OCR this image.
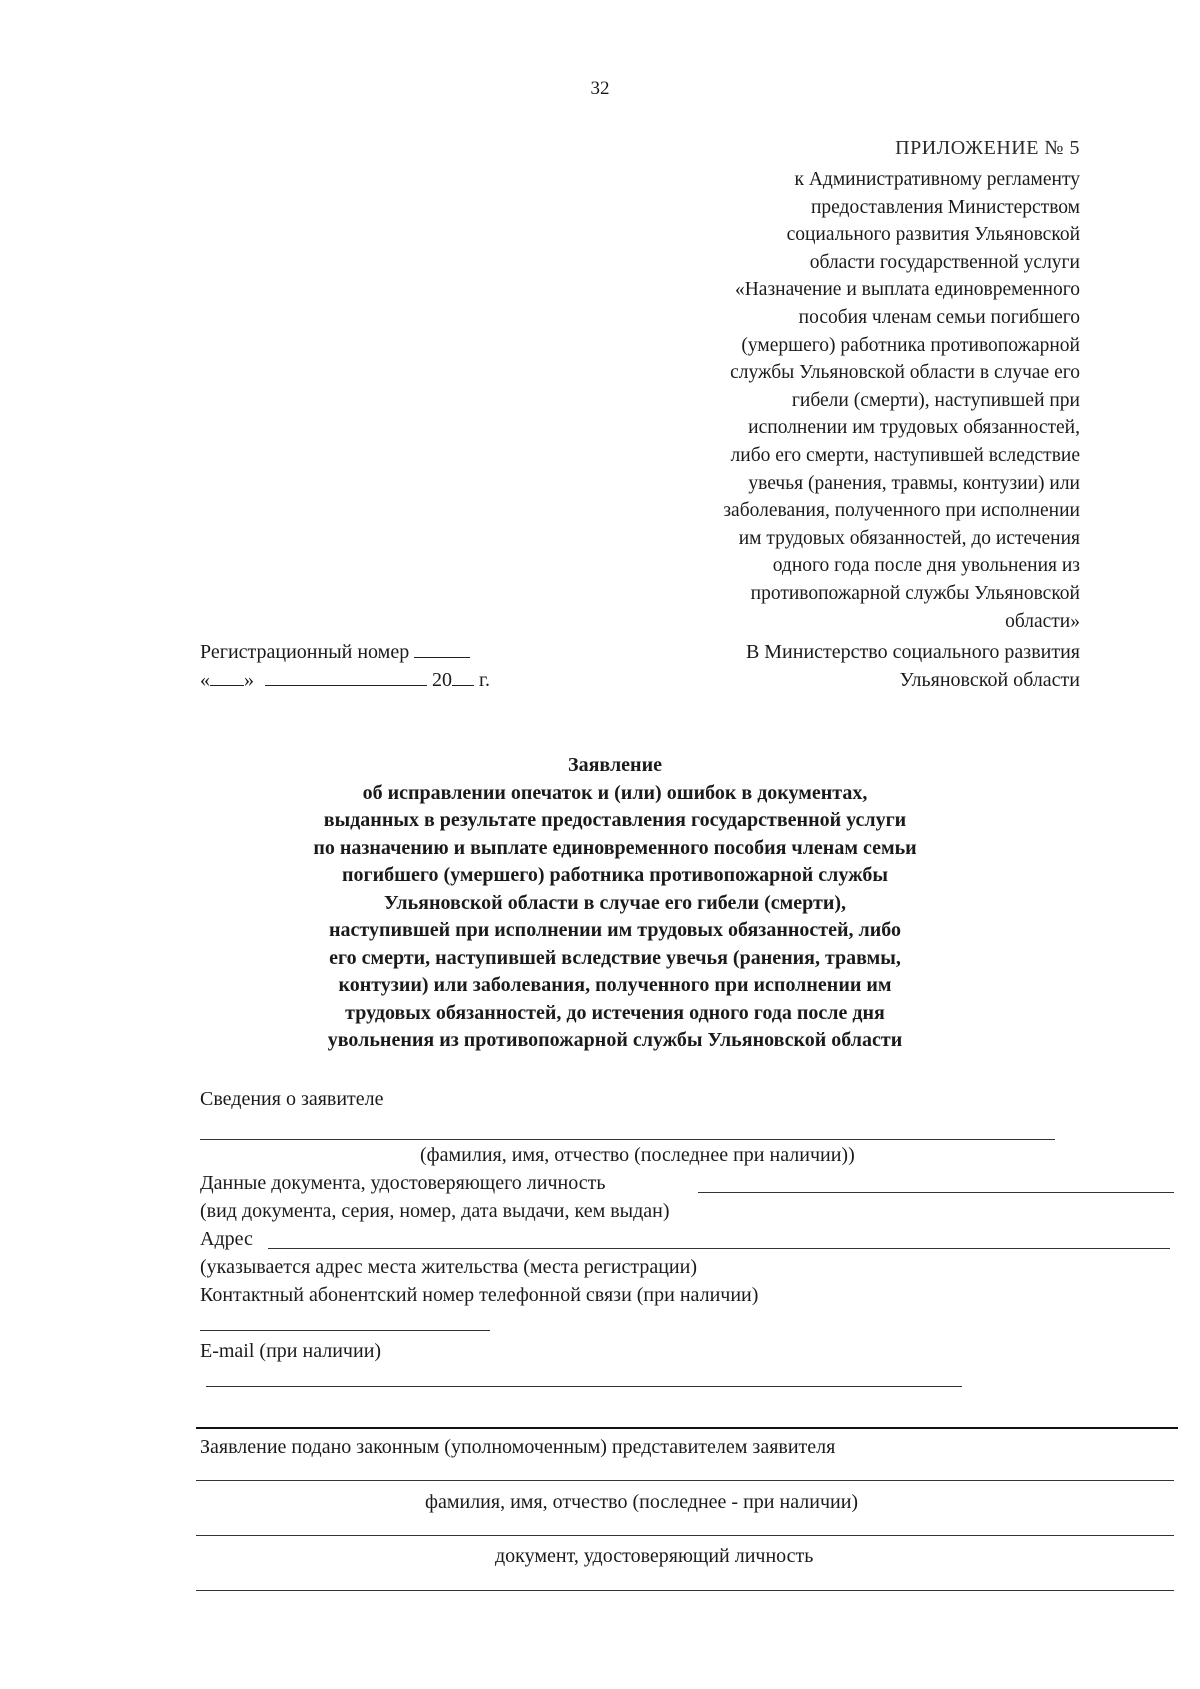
32
ПРИЛОЖЕНИЕ № 5
к Административному регламенту
предоставления Министерством
социального развития Ульяновской
области государственной услуги
«Назначение и выплата единовременного
пособия членам семьи погибшего
(умершего) работника противопожарной
службы Ульяновской области в случае его
гибели (смерти), наступившей при
исполнении им трудовых обязанностей,
либо его смерти, наступившей вследствие
увечья (ранения, травмы, контузии) или
заболевания, полученного при исполнении
им трудовых обязанностей, до истечения
одного года после дня увольнения из
противопожарной службы Ульяновской
области»
Регистрационный номер
« »	20 г.
В Министерство социального развития
Ульяновской области
Заявление
об исправлении опечаток и (или) ошибок в документах,
выданных в результате предоставления государственной услуги
по назначению и выплате единовременного пособия членам семьи
погибшего (умершего) работника противопожарной службы
Ульяновской области в случае его гибели (смерти),
наступившей при исполнении им трудовых обязанностей, либо
его смерти, наступившей вследствие увечья (ранения, травмы,
контузии) или заболевания, полученного при исполнении им
трудовых обязанностей, до истечения одного года после дня
увольнения из противопожарной службы Ульяновской области
Сведения о заявителе
(фамилия, имя, отчество (последнее при наличии))
Данные документа, удостоверяющего личность
(вид документа, серия, номер, дата выдачи, кем выдан)
Адрес
(указывается адрес места жительства (места регистрации)
Контактный абонентский номер телефонной связи (при наличии)
E-mail (при наличии)
Заявление подано законным (уполномоченным) представителем заявителя
фамилия, имя, отчество (последнее - при наличии)
документ, удостоверяющий личность
